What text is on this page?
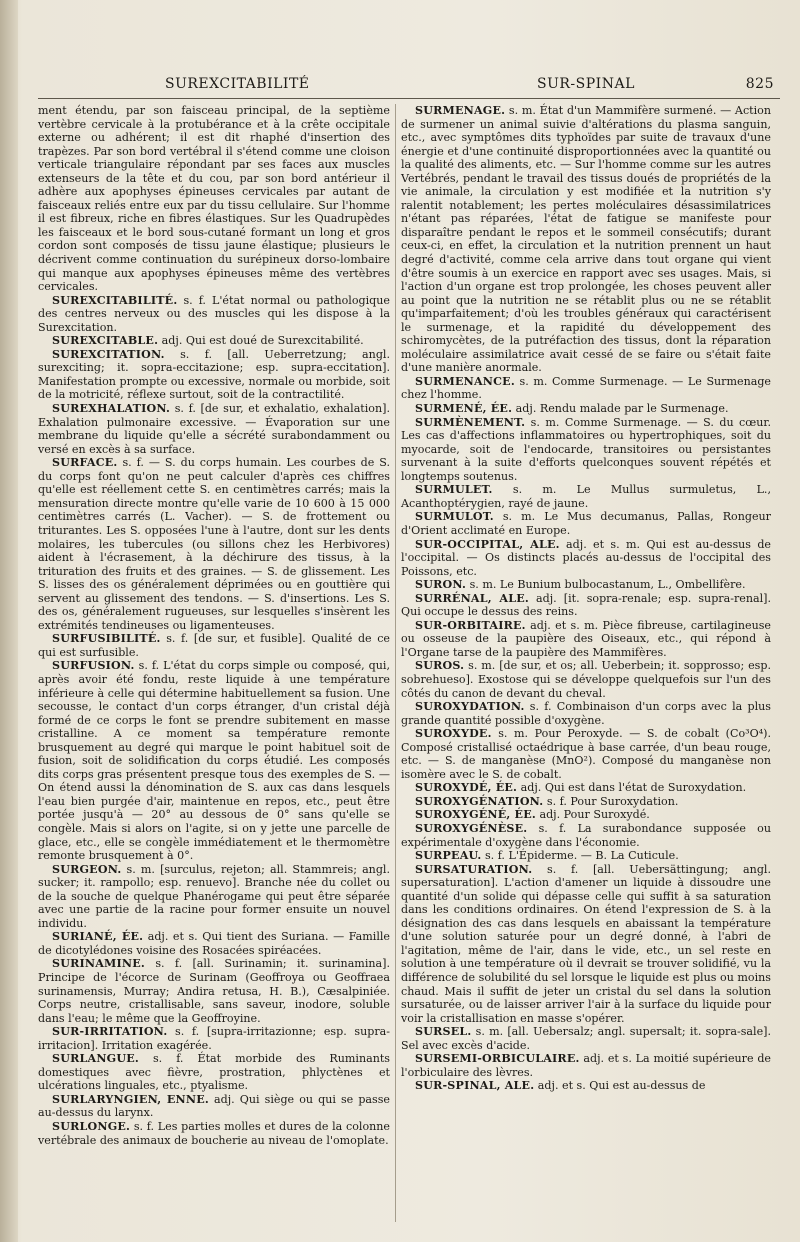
SUREXCITABILITÉ	SUR-SPINAL	825

ment étendu, par son faisceau principal, de la septième vertèbre cervicale à la protubérance et à la crête occipitale externe ou adhérent; il est dit rhaphé d'insertion des trapèzes. Par son bord vertébral il s'étend comme une cloison verticale triangulaire répondant par ses faces aux muscles extenseurs de la tête et du cou, par son bord antérieur il adhère aux apophyses épineuses cervicales par autant de faisceaux reliés entre eux par du tissu cellulaire. Sur l'homme il est fibreux, riche en fibres élastiques. Sur les Quadrupèdes les faisceaux et le bord sous-cutané formant un long et gros cordon sont composés de tissu jaune élastique; plusieurs le décrivent comme continuation du surépineux dorso-lombaire qui manque aux apophyses épineuses même des vertèbres cervicales.

SUREXCITABILITÉ. s. f. L'état normal ou pathologique des centres nerveux ou des muscles qui les dispose à la Surexcitation.

SUREXCITABLE. adj. Qui est doué de Surexcitabilité.

SUREXCITATION. s. f. [all. Ueberretzung; angl. surexciting; it. sopra-eccitazione; esp. supra-eccitation]. Manifestation prompte ou excessive, normale ou morbide, soit de la motricité, réflexe surtout, soit de la contractilité.

SUREXHALATION. s. f. [de sur, et exhalatio, exhalation]. Exhalation pulmonaire excessive. — Évaporation sur une membrane du liquide qu'elle a sécrété surabondamment ou versé en excès à sa surface.

SURFACE. s. f. — S. du corps humain. Les courbes de S. du corps font qu'on ne peut calculer d'après ces chiffres qu'elle est réellement cette S. en centimètres carrés; mais la mensuration directe montre qu'elle varie de 10 600 à 15 000 centimètres carrés (L. Vacher). — S. de frottement ou triturantes. Les S. opposées l'une à l'autre, dont sur les dents molaires, les tubercules (ou sillons chez les Herbivores) aident à l'écrasement, à la déchirure des tissus, à la trituration des fruits et des graines. — S. de glissement. Les S. lisses des os généralement déprimées ou en gouttière qui servent au glissement des tendons. — S. d'insertions. Les S. des os, généralement rugueuses, sur lesquelles s'insèrent les extrémités tendineuses ou ligamenteuses.

SURFUSIBILITÉ. s. f. [de sur, et fusible]. Qualité de ce qui est surfusible.

SURFUSION. s. f. L'état du corps simple ou composé, qui, après avoir été fondu, reste liquide à une température inférieure à celle qui détermine habituellement sa fusion. Une secousse, le contact d'un corps étranger, d'un cristal déjà formé de ce corps le font se prendre subitement en masse cristalline. A ce moment sa température remonte brusquement au degré qui marque le point habituel soit de fusion, soit de solidification du corps étudié. Les composés dits corps gras présentent presque tous des exemples de S. — On étend aussi la dénomination de S. aux cas dans lesquels l'eau bien purgée d'air, maintenue en repos, etc., peut être portée jusqu'à — 20° au dessous de 0° sans qu'elle se congèle. Mais si alors on l'agite, si on y jette une parcelle de glace, etc., elle se congèle immédiatement et le thermomètre remonte brusquement à 0°.

SURGEON. s. m. [surculus, rejeton; all. Stammreis; angl. sucker; it. rampollo; esp. renuevo]. Branche née du collet ou de la souche de quelque Phanérogame qui peut être séparée avec une partie de la racine pour former ensuite un nouvel individu.

SURIANÉ, ÉE. adj. et s. Qui tient des Suriana. — Famille de dicotylédones voisine des Rosacées spiréacées.

SURINAMINE. s. f. [all. Surinamin; it. surinamina]. Principe de l'écorce de Surinam (Geoffroya ou Geoffraea surinamensis, Murray; Andira retusa, H. B.), Cæsalpiniée. Corps neutre, cristallisable, sans saveur, inodore, soluble dans l'eau; le même que la Geoffroyine.

SUR-IRRITATION. s. f. [supra-irritazionne; esp. supra-irritacion]. Irritation exagérée.

SURLANGUE. s. f. État morbide des Ruminants domestiques avec fièvre, prostration, phlyctènes et ulcérations linguales, etc., ptyalisme.

SURLARYNGIEN, ENNE. adj. Qui siège ou qui se passe au-dessus du larynx.

SURLONGE. s. f. Les parties molles et dures de la colonne vertébrale des animaux de boucherie au niveau de l'omoplate.

SURMENAGE. s. m. État d'un Mammifère surmené. — Action de surmener un animal suivie d'altérations du plasma sanguin, etc., avec symptômes dits typhoïdes par suite de travaux d'une énergie et d'une continuité disproportionnées avec la quantité ou la qualité des aliments, etc. — Sur l'homme comme sur les autres Vertébrés, pendant le travail des tissus doués de propriétés de la vie animale, la circulation y est modifiée et la nutrition s'y ralentit notablement; les pertes moléculaires désassimilatrices n'étant pas réparées, l'état de fatigue se manifeste pour disparaître pendant le repos et le sommeil consécutifs; durant ceux-ci, en effet, la circulation et la nutrition prennent un haut degré d'activité, comme cela arrive dans tout organe qui vient d'être soumis à un exercice en rapport avec ses usages. Mais, si l'action d'un organe est trop prolongée, les choses peuvent aller au point que la nutrition ne se rétablit plus ou ne se rétablit qu'imparfaitement; d'où les troubles généraux qui caractérisent le surmenage, et la rapidité du développement des schiromycètes, de la putréfaction des tissus, dont la réparation moléculaire assimilatrice avait cessé de se faire ou s'était faite d'une manière anormale.

SURMENANCE. s. m. Comme Surmenage. — Le Surmenage chez l'homme.

SURMENÉ, ÉE. adj. Rendu malade par le Surmenage.

SURMÈNEMENT. s. m. Comme Surmenage. — S. du cœur. Les cas d'affections inflammatoires ou hypertrophiques, soit du myocarde, soit de l'endocarde, transitoires ou persistantes survenant à la suite d'efforts quelconques souvent répétés et longtemps soutenus.

SURMULET. s. m. Le Mullus surmuletus, L., Acanthoptérygien, rayé de jaune.

SURMULOT. s. m. Le Mus decumanus, Pallas, Rongeur d'Orient acclimaté en Europe.

SUR-OCCIPITAL, ALE. adj. et s. m. Qui est au-dessus de l'occipital. — Os distincts placés au-dessus de l'occipital des Poissons, etc.

SURON. s. m. Le Bunium bulbocastanum, L., Ombellifère.

SURRÉNAL, ALE. adj. [it. sopra-renale; esp. supra-renal]. Qui occupe le dessus des reins.

SUR-ORBITAIRE. adj. et s. m. Pièce fibreuse, cartilagineuse ou osseuse de la paupière des Oiseaux, etc., qui répond à l'Organe tarse de la paupière des Mammifères.

SUROS. s. m. [de sur, et os; all. Ueberbein; it. sopprosso; esp. sobrehueso]. Exostose qui se développe quelquefois sur l'un des côtés du canon de devant du cheval.

SUROXYDATION. s. f. Combinaison d'un corps avec la plus grande quantité possible d'oxygène.

SUROXYDE. s. m. Pour Peroxyde. — S. de cobalt (Co³O⁴). Composé cristallisé octaédrique à base carrée, d'un beau rouge, etc. — S. de manganèse (MnO²). Composé du manganèse non isomère avec le S. de cobalt.

SUROXYDÉ, ÉE. adj. Qui est dans l'état de Suroxydation.

SUROXYGÉNATION. s. f. Pour Suroxydation.

SUROXYGÉNÉ, ÉE. adj. Pour Suroxydé.

SUROXYGÉNÈSE. s. f. La surabondance supposée ou expérimentale d'oxygène dans l'économie.

SURPEAU. s. f. L'Épiderme. — B. La Cuticule.

SURSATURATION. s. f. [all. Uebersättingung; angl. supersaturation]. L'action d'amener un liquide à dissoudre une quantité d'un solide qui dépasse celle qui suffit à sa saturation dans les conditions ordinaires. On étend l'expression de S. à la désignation des cas dans lesquels en abaissant la température d'une solution saturée pour un degré donné, à l'abri de l'agitation, même de l'air, dans le vide, etc., un sel reste en solution à une température où il devrait se trouver solidifié, vu la différence de solubilité du sel lorsque le liquide est plus ou moins chaud. Mais il suffit de jeter un cristal du sel dans la solution sursaturée, ou de laisser arriver l'air à la surface du liquide pour voir la cristallisation en masse s'opérer.

SURSEL. s. m. [all. Uebersalz; angl. supersalt; it. sopra-sale]. Sel avec excès d'acide.

SURSEMI-ORBICULAIRE. adj. et s. La moitié supérieure de l'orbiculaire des lèvres.

SUR-SPINAL, ALE. adj. et s. Qui est au-dessus de
